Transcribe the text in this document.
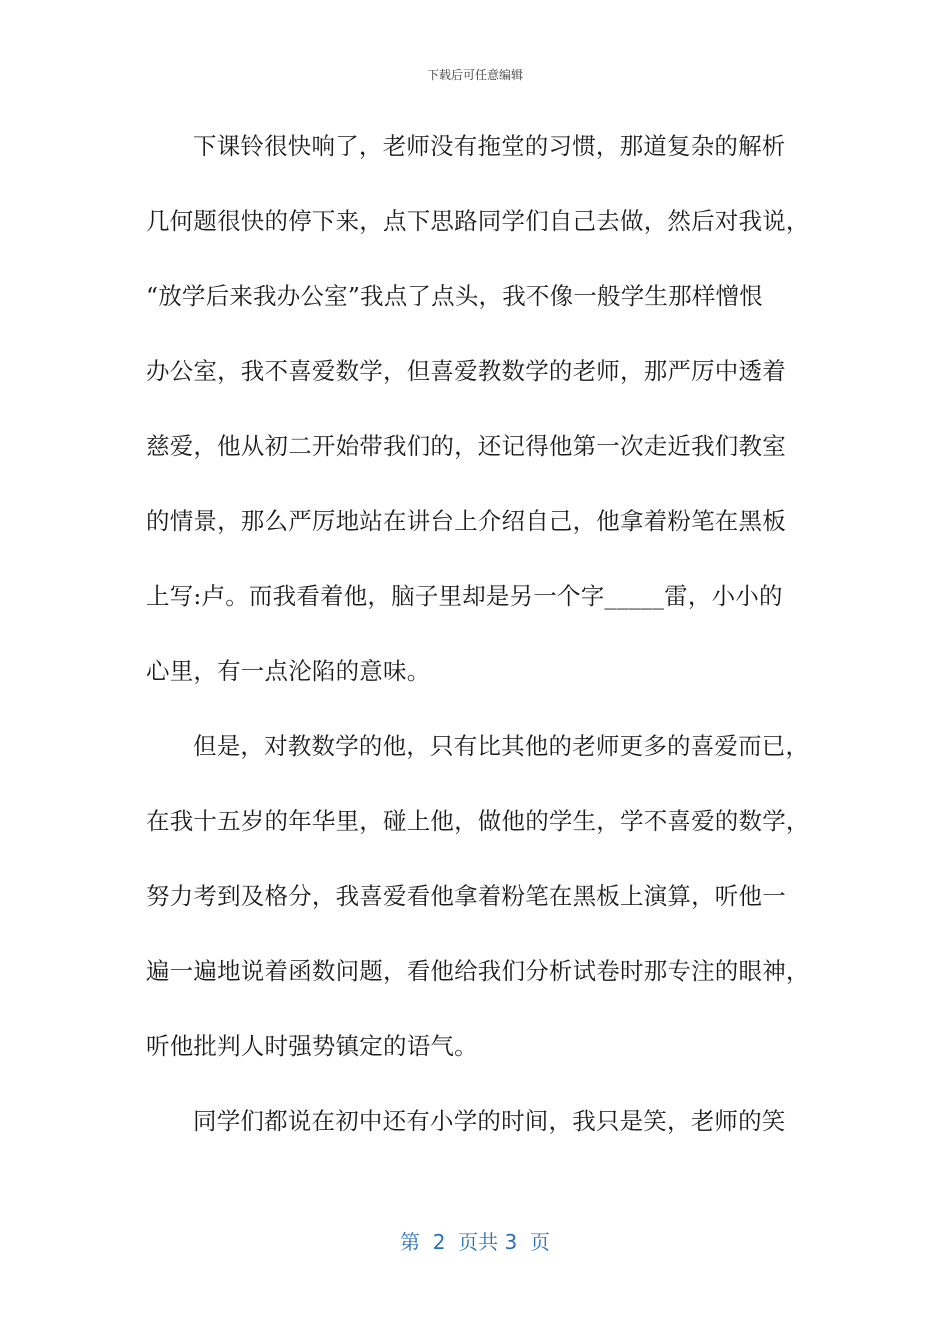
下载后可任意编辑
下课铃很快响了，老师没有拖堂的习惯，那道复杂的解析
几何题很快的停下来，点下思路同学们自己去做，然后对我说，
“放学后来我办公室”我点了点头，我不像一般学生那样憎恨
办公室，我不喜爱数学，但喜爱教数学的老师，那严厉中透着
慈爱，他从初二开始带我们的，还记得他第一次走近我们教室
的情景，那么严厉地站在讲台上介绍自己，他拿着粉笔在黑板
上写:卢。而我看着他，脑子里却是另一个字_____雷，小小的
心里，有一点沦陷的意味。
但是，对教数学的他，只有比其他的老师更多的喜爱而已，
在我十五岁的年华里，碰上他，做他的学生，学不喜爱的数学，
努力考到及格分，我喜爱看他拿着粉笔在黑板上演算，听他一
遍一遍地说着函数问题，看他给我们分析试卷时那专注的眼神，
听他批判人时强势镇定的语气。
同学们都说在初中还有小学的时间，我只是笑，老师的笑
第  2  页共 3  页
